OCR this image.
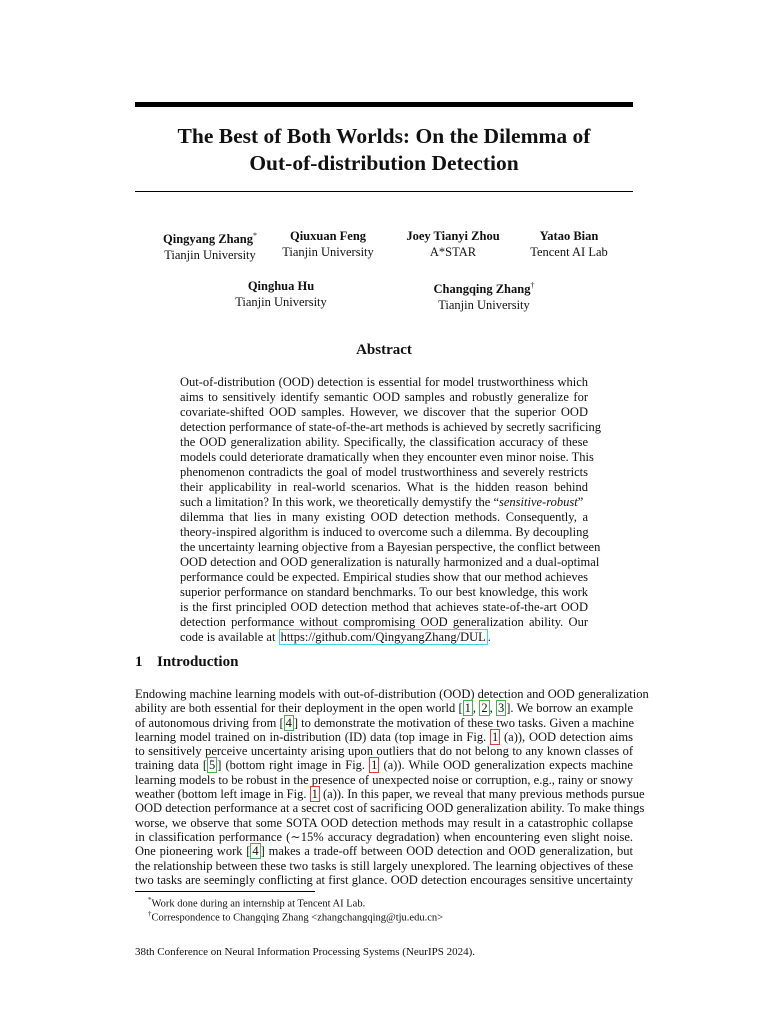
The Best of Both Worlds: On the Dilemma of
Out-of-distribution Detection
Qingyang Zhang*
Tianjin University
Qiuxuan Feng
Tianjin University
Joey Tianyi Zhou
A*STAR
Yatao Bian
Tencent AI Lab
Qinghua Hu
Tianjin University
Changqing Zhang†
Tianjin University
Abstract
Out-of-distribution (OOD) detection is essential for model trustworthiness which
aims to sensitively identify semantic OOD samples and robustly generalize for
covariate-shifted OOD samples. However, we discover that the superior OOD
detection performance of state-of-the-art methods is achieved by secretly sacrificing
the OOD generalization ability. Specifically, the classification accuracy of these
models could deteriorate dramatically when they encounter even minor noise. This
phenomenon contradicts the goal of model trustworthiness and severely restricts
their applicability in real-world scenarios. What is the hidden reason behind
such a limitation? In this work, we theoretically demystify the “sensitive-robust”
dilemma that lies in many existing OOD detection methods. Consequently, a
theory-inspired algorithm is induced to overcome such a dilemma. By decoupling
the uncertainty learning objective from a Bayesian perspective, the conflict between
OOD detection and OOD generalization is naturally harmonized and a dual-optimal
performance could be expected. Empirical studies show that our method achieves
superior performance on standard benchmarks. To our best knowledge, this work
is the first principled OOD detection method that achieves state-of-the-art OOD
detection performance without compromising OOD generalization ability. Our
code is available at https://github.com/QingyangZhang/DUL .
1 Introduction
Endowing machine learning models with out-of-distribution (OOD) detection and OOD generalization
ability are both essential for their deployment in the open world [ 1 , 2 , 3 ]. We borrow an example
of autonomous driving from [ 4 ] to demonstrate the motivation of these two tasks. Given a machine
learning model trained on in-distribution (ID) data (top image in Fig. 1 (a)), OOD detection aims
to sensitively perceive uncertainty arising upon outliers that do not belong to any known classes of
training data [ 5 ] (bottom right image in Fig. 1 (a)). While OOD generalization expects machine
learning models to be robust in the presence of unexpected noise or corruption, e.g., rainy or snowy
weather (bottom left image in Fig. 1 (a)). In this paper, we reveal that many previous methods pursue
OOD detection performance at a secret cost of sacrificing OOD generalization ability. To make things
worse, we observe that some SOTA OOD detection methods may result in a catastrophic collapse
in classification performance (∼15% accuracy degradation) when encountering even slight noise.
One pioneering work [ 4 ] makes a trade-off between OOD detection and OOD generalization, but
the relationship between these two tasks is still largely unexplored. The learning objectives of these
two tasks are seemingly conflicting at first glance. OOD detection encourages sensitive uncertainty
*Work done during an internship at Tencent AI Lab.
†Correspondence to Changqing Zhang <zhangchangqing@tju.edu.cn>
38th Conference on Neural Information Processing Systems (NeurIPS 2024).
